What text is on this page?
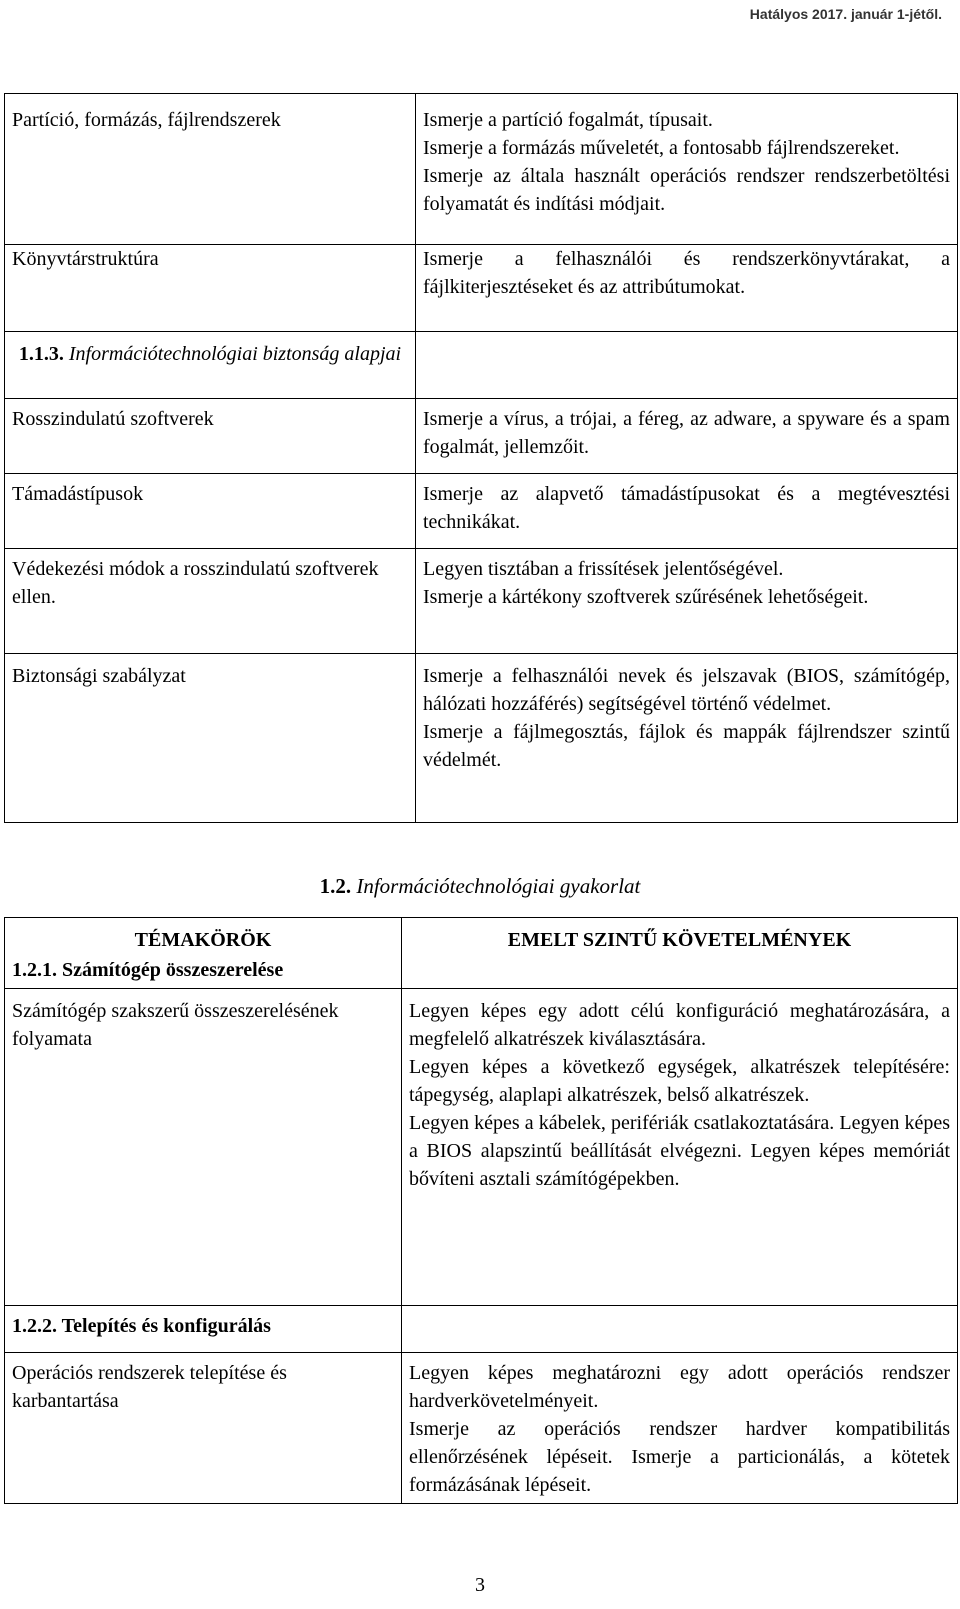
Hatályos 2017. január 1-jétől.
Partíció, formázás, fájlrendszerek	Ismerje a partíció fogalmát, típusait.
Ismerje a formázás műveletét, a fontosabb fájlrendszereket.
Ismerje az általa használt operációs rendszer rendszerbetöltési folyamatát és indítási módjait.

Könyvtárstruktúra	Ismerje a felhasználói és rendszerkönyvtárakat, a fájlkiterjesztéseket és az attribútumokat.

1.1.3. Információtechnológiai biztonság alapjai	

Rosszindulatú szoftverek	Ismerje a vírus, a trójai, a féreg, az adware, a spyware és a spam fogalmát, jellemzőit.

Támadástípusok	Ismerje az alapvető támadástípusokat és a megtévesztési technikákat.

Védekezési módok a rosszindulatú szoftverek ellen.	Legyen tisztában a frissítések jelentőségével.
Ismerje a kártékony szoftverek szűrésének lehetőségeit.

Biztonsági szabályzat	Ismerje a felhasználói nevek és jelszavak (BIOS, számítógép, hálózati hozzáférés) segítségével történő védelmet.
Ismerje a fájlmegosztás, fájlok és mappák fájlrendszer szintű védelmét.
1.2. Információtechnológiai gyakorlat
TÉMAKÖRÖK
1.2.1. Számítógép összeszerelése	EMELT SZINTŰ KÖVETELMÉNYEK

Számítógép szakszerű összeszerelésének folyamata	Legyen képes egy adott célú konfiguráció meghatározására, a megfelelő alkatrészek kiválasztására.
Legyen képes a következő egységek, alkatrészek telepítésére: tápegység, alaplapi alkatrészek, belső alkatrészek.
Legyen képes a kábelek, perifériák csatlakoztatására. Legyen képes a BIOS alapszintű beállítását elvégezni. Legyen képes memóriát bővíteni asztali számítógépekben.

1.2.2. Telepítés és konfigurálás	

Operációs rendszerek telepítése és karbantartása	Legyen képes meghatározni egy adott operációs rendszer hardverkövetelményeit.
Ismerje az operációs rendszer hardver kompatibilitás ellenőrzésének lépéseit. Ismerje a particionálás, a kötetek formázásának lépéseit.
3
